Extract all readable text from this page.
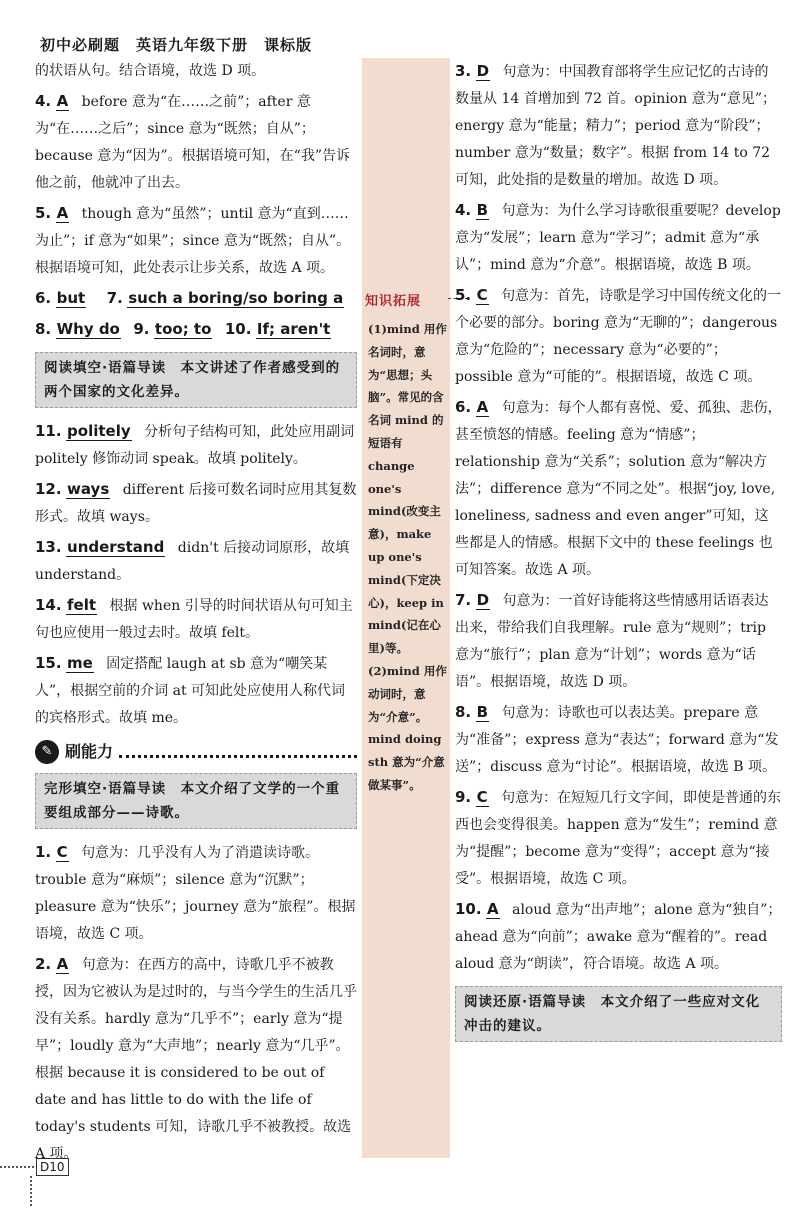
初中必刷题　英语九年级下册　课标版

的状语从句。结合语境，故选 D 项。

4. A before 意为“在……之前”；after 意为“在……之后”；since 意为“既然；自从”；because 意为“因为”。根据语境可知，在“我”告诉他之前，他就冲了出去。

5. A though 意为“虽然”；until 意为“直到……为止”；if 意为“如果”；since 意为“既然；自从”。根据语境可知，此处表示让步关系，故选 A 项。

6. but 7. such a boring/so boring a

8. Why do 9. too; to 10. If; aren't

阅读填空·语篇导读　本文讲述了作者感受到的两个国家的文化差异。

11. politely 分析句子结构可知，此处应用副词 politely 修饰动词 speak。故填 politely。

12. ways different 后接可数名词时应用其复数形式。故填 ways。

13. understand didn't 后接动词原形，故填 understand。

14. felt 根据 when 引导的时间状语从句可知主句也应使用一般过去时。故填 felt。

15. me 固定搭配 laugh at sb 意为“嘲笑某人”，根据空前的介词 at 可知此处应使用人称代词的宾格形式。故填 me。

✎ 刷能力
完形填空·语篇导读　本文介绍了文学的一个重要组成部分——诗歌。

1. C 句意为：几乎没有人为了消遣读诗歌。trouble 意为“麻烦”；silence 意为“沉默”；pleasure 意为“快乐”；journey 意为“旅程”。根据语境，故选 C 项。

2. A 句意为：在西方的高中，诗歌几乎不被教授，因为它被认为是过时的，与当今学生的生活几乎没有关系。hardly 意为“几乎不”；early 意为“提早”；loudly 意为“大声地”；nearly 意为“几乎”。根据 because it is considered to be out of date and has little to do with the life of today's students 可知，诗歌几乎不被教授。故选 A 项。

知识拓展
(1)mind 用作名词时，意为“思想；头脑”。常见的含名词 mind 的短语有 change one's mind(改变主意)，make up one's mind(下定决心)，keep in mind(记在心里)等。(2)mind 用作动词时，意为“介意”。mind doing sth 意为“介意做某事”。

3. D 句意为：中国教育部将学生应记忆的古诗的数量从 14 首增加到 72 首。opinion 意为“意见”；energy 意为“能量；精力”；period 意为“阶段”；number 意为“数量；数字”。根据 from 14 to 72 可知，此处指的是数量的增加。故选 D 项。

4. B 句意为：为什么学习诗歌很重要呢？develop 意为“发展”；learn 意为“学习”；admit 意为“承认”；mind 意为“介意”。根据语境，故选 B 项。

5. C 句意为：首先，诗歌是学习中国传统文化的一个必要的部分。boring 意为“无聊的”；dangerous 意为“危险的”；necessary 意为“必要的”；possible 意为“可能的”。根据语境，故选 C 项。

6. A 句意为：每个人都有喜悦、爱、孤独、悲伤，甚至愤怒的情感。feeling 意为“情感”；relationship 意为“关系”；solution 意为“解决方法”；difference 意为“不同之处”。根据“joy, love, loneliness, sadness and even anger”可知，这些都是人的情感。根据下文中的 these feelings 也可知答案。故选 A 项。

7. D 句意为：一首好诗能将这些情感用话语表达出来，带给我们自我理解。rule 意为“规则”；trip 意为“旅行”；plan 意为“计划”；words 意为“话语”。根据语境，故选 D 项。

8. B 句意为：诗歌也可以表达美。prepare 意为“准备”；express 意为“表达”；forward 意为“发送”；discuss 意为“讨论”。根据语境，故选 B 项。

9. C 句意为：在短短几行文字间，即使是普通的东西也会变得很美。happen 意为“发生”；remind 意为“提醒”；become 意为“变得”；accept 意为“接受”。根据语境，故选 C 项。

10. A aloud 意为“出声地”；alone 意为“独自”；ahead 意为“向前”；awake 意为“醒着的”。read aloud 意为“朗读”，符合语境。故选 A 项。

阅读还原·语篇导读　本文介绍了一些应对文化冲击的建议。
D10
